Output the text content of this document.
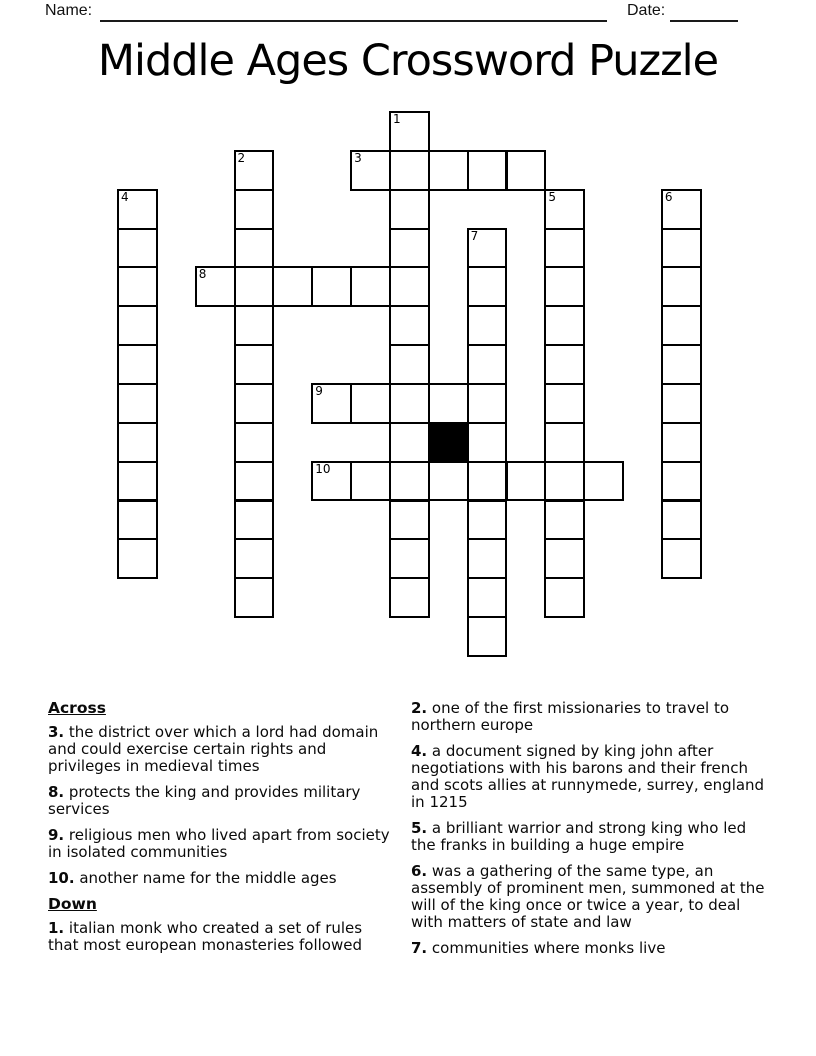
Name:	Date:
Middle Ages Crossword Puzzle
1
2	3
4	5	6
7
8
9
10
Across

3. the district over which a lord had domain and could exercise certain rights and privileges in medieval times

8. protects the king and provides military services

9. religious men who lived apart from society in isolated communities

10. another name for the middle ages

Down

1. italian monk who created a set of rules that most european monasteries followed

2. one of the first missionaries to travel to northern europe

4. a document signed by king john after negotiations with his barons and their french and scots allies at runnymede, surrey, england in 1215

5. a brilliant warrior and strong king who led the franks in building a huge empire

6. was a gathering of the same type, an assembly of prominent men, summoned at the will of the king once or twice a year, to deal with matters of state and law

7. communities where monks live
